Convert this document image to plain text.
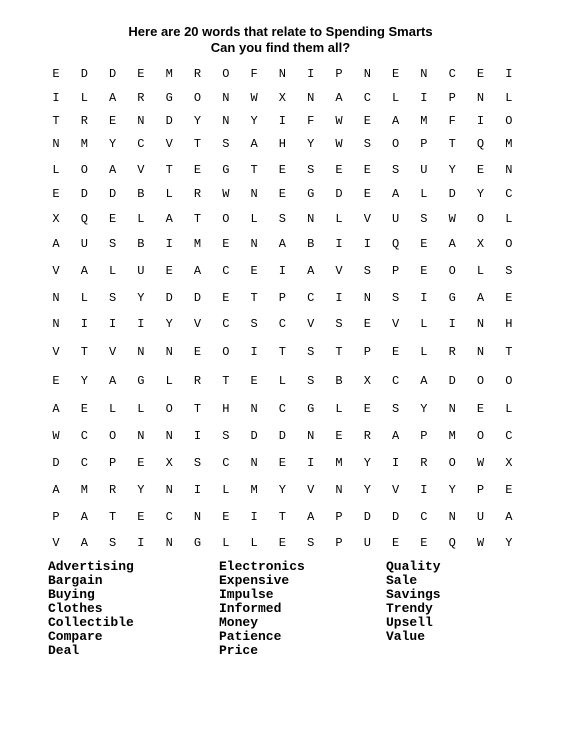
Here are 20 words that relate to Spending Smarts
Can you find them all?
E	D	D	E	M	R	O	F	N	I	P	N	E	N	C	E	I
I	L	A	R	G	O	N	W	X	N	A	C	L	I	P	N	L
T	R	E	N	D	Y	N	Y	I	F	W	E	A	M	F	I	O
N	M	Y	C	V	T	S	A	H	Y	W	S	O	P	T	Q	M
L	O	A	V	T	E	G	T	E	S	E	E	S	U	Y	E	N
E	D	D	B	L	R	W	N	E	G	D	E	A	L	D	Y	C
X	Q	E	L	A	T	O	L	S	N	L	V	U	S	W	O	L
A	U	S	B	I	M	E	N	A	B	I	I	Q	E	A	X	O
V	A	L	U	E	A	C	E	I	A	V	S	P	E	O	L	S
N	L	S	Y	D	D	E	T	P	C	I	N	S	I	G	A	E
N	I	I	I	Y	V	C	S	C	V	S	E	V	L	I	N	H
V	T	V	N	N	E	O	I	T	S	T	P	E	L	R	N	T
E	Y	A	G	L	R	T	E	L	S	B	X	C	A	D	O	O
A	E	L	L	O	T	H	N	C	G	L	E	S	Y	N	E	L
W	C	O	N	N	I	S	D	D	N	E	R	A	P	M	O	C
D	C	P	E	X	S	C	N	E	I	M	Y	I	R	O	W	X
A	M	R	Y	N	I	L	M	Y	V	N	Y	V	I	Y	P	E
P	A	T	E	C	N	E	I	T	A	P	D	D	C	N	U	A
V	A	S	I	N	G	L	L	E	S	P	U	E	E	Q	W	Y
Advertising
Bargain
Buying
Clothes
Collectible
Compare
Deal
Electronics
Expensive
Impulse
Informed
Money
Patience
Price
Quality
Sale
Savings
Trendy
Upsell
Value
